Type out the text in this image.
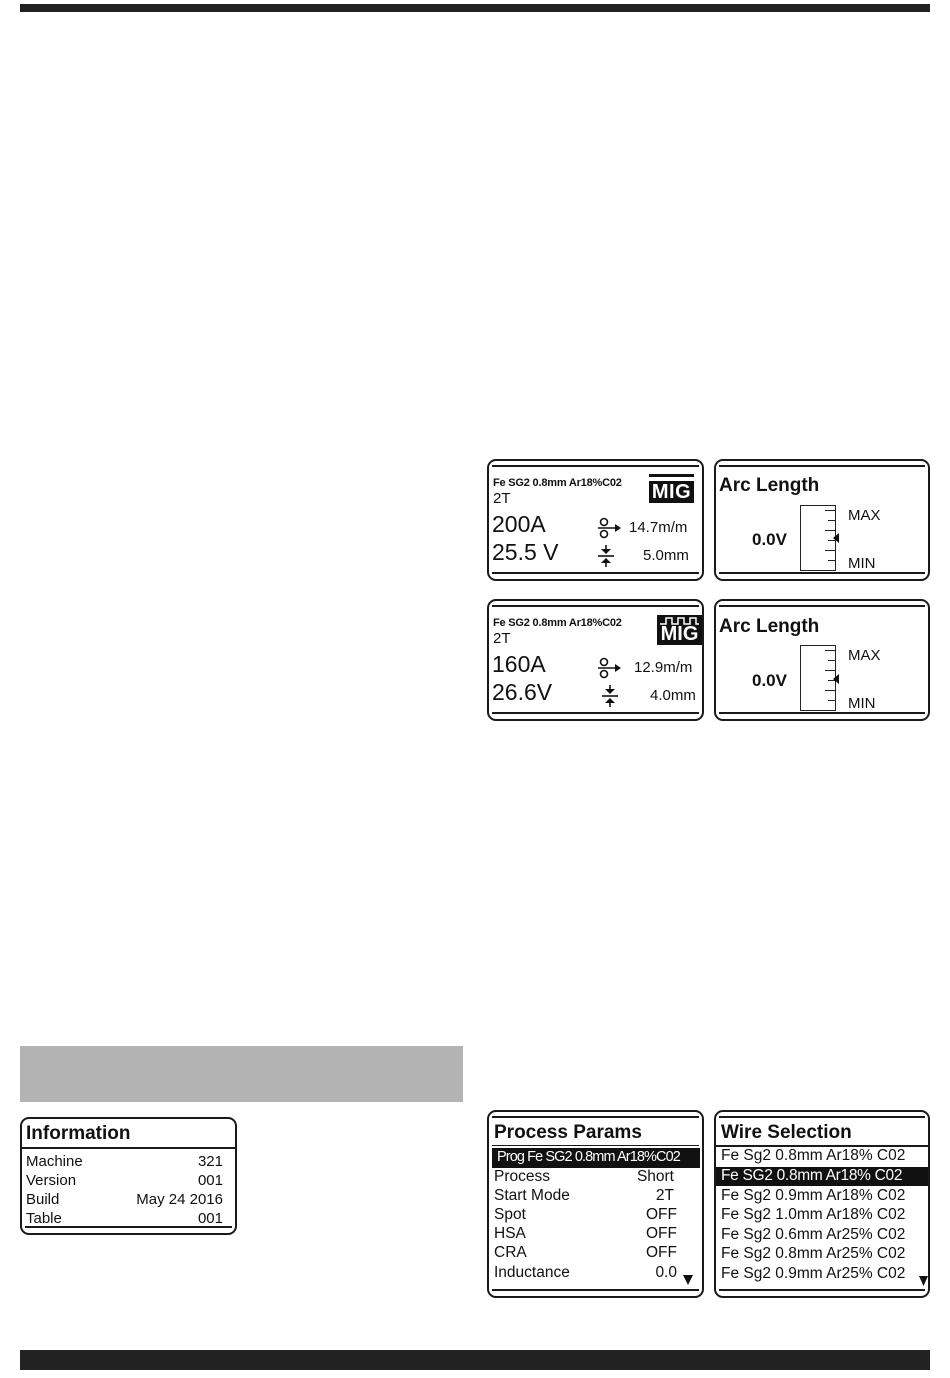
Fe SG2 0.8mm Ar18%C02 MIG
2T
200A
25.5 V
14.7m/m
5.0mm
Arc Length
MAX
0.0V
MIN
Fe SG2 0.8mm Ar18%C02 MIG
2T
160A
26.6V
12.9m/m
4.0mm
Arc Length
MAX
0.0V
MIN
Information
Machine	321
Version	001
Build	May 24 2016
Table	001
Process Params
Prog Fe SG2 0.8mm Ar18%C02
Process	Short
Start Mode	2T
Spot	OFF
HSA	OFF
CRA	OFF
Inductance	0.0
Wire Selection
Fe Sg2 0.8mm Ar18% C02
Fe SG2 0.8mm Ar18% C02
Fe Sg2 0.9mm Ar18% C02
Fe Sg2 1.0mm Ar18% C02
Fe Sg2 0.6mm Ar25% C02
Fe Sg2 0.8mm Ar25% C02
Fe Sg2 0.9mm Ar25% C02
